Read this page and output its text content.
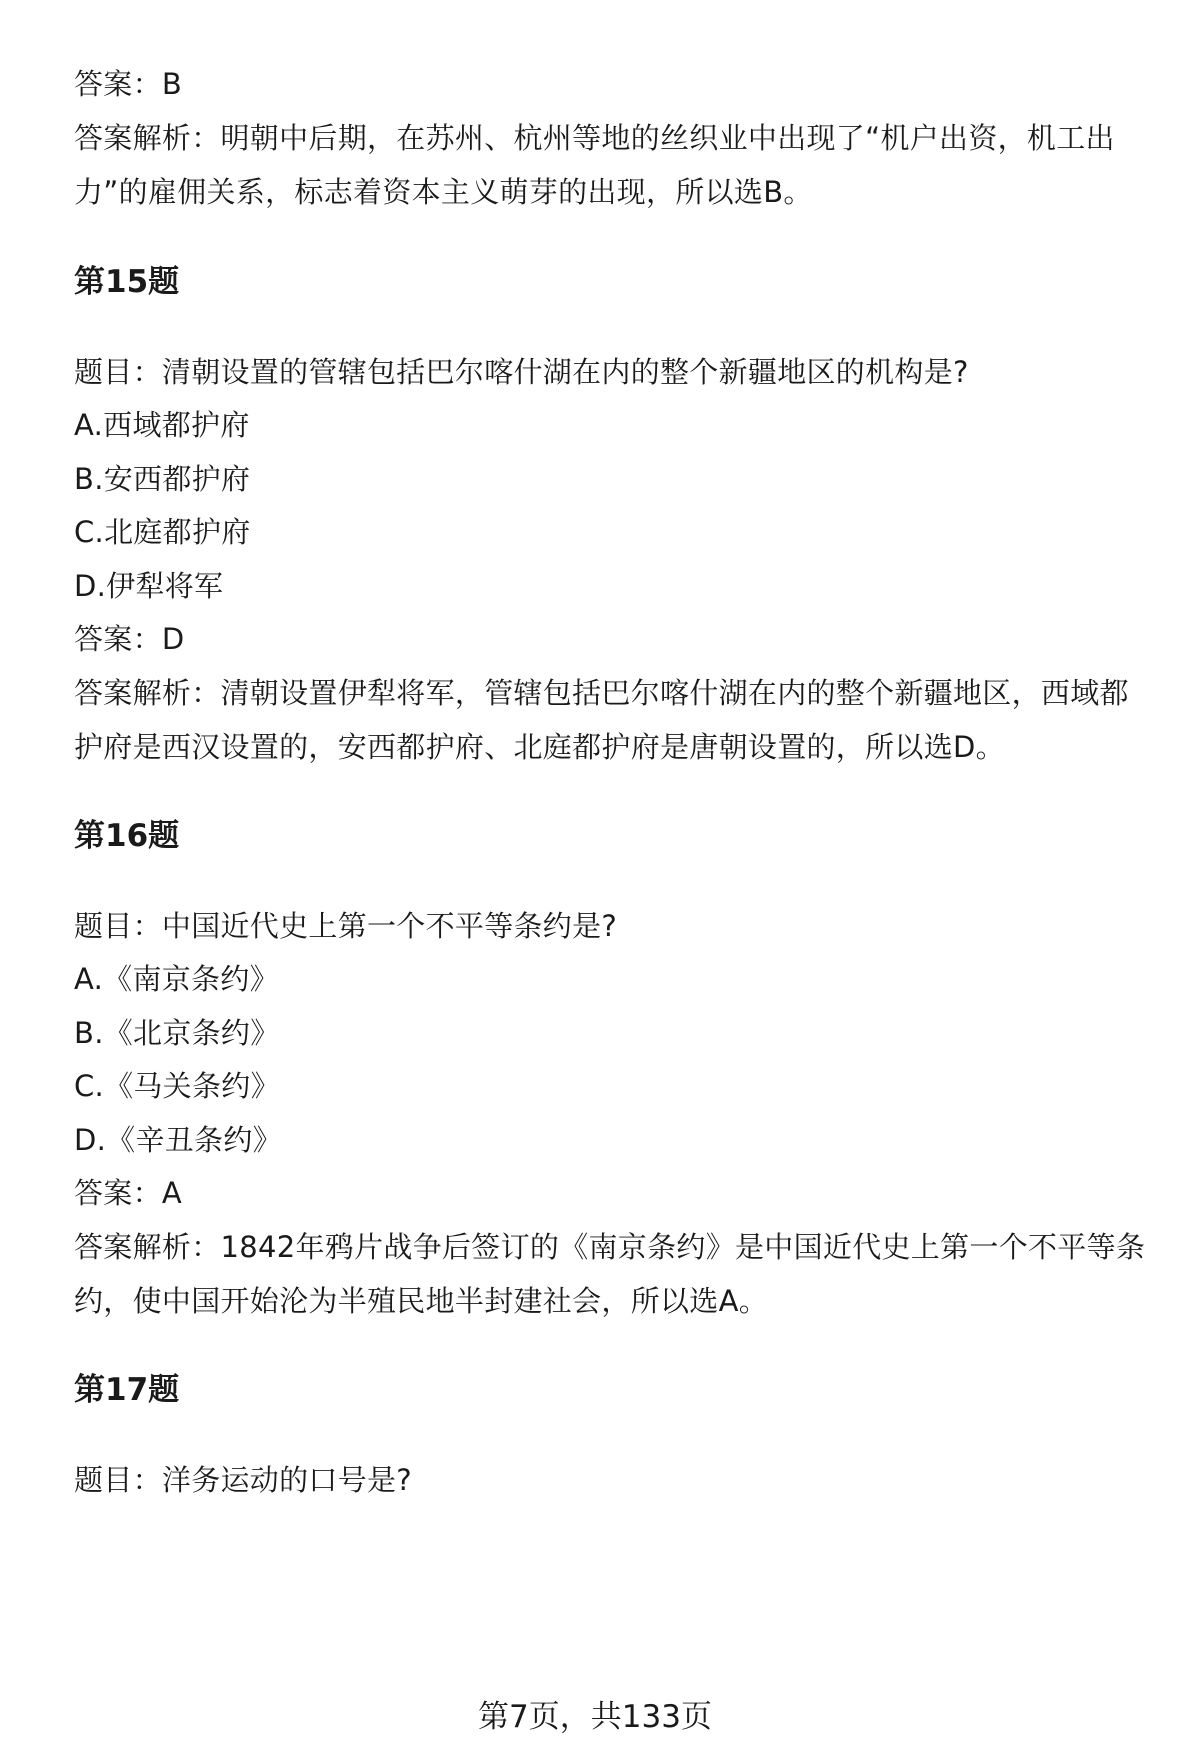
答案：B
答案解析：明朝中后期，在苏州、杭州等地的丝织业中出现了“机户出资，机工出
力”的雇佣关系，标志着资本主义萌芽的出现，所以选B。
第15题
题目：清朝设置的管辖包括巴尔喀什湖在内的整个新疆地区的机构是?
A.西域都护府
B.安西都护府
C.北庭都护府
D.伊犁将军
答案：D
答案解析：清朝设置伊犁将军，管辖包括巴尔喀什湖在内的整个新疆地区，西域都
护府是西汉设置的，安西都护府、北庭都护府是唐朝设置的，所以选D。
第16题
题目：中国近代史上第一个不平等条约是?
A.《南京条约》
B.《北京条约》
C.《马关条约》
D.《辛丑条约》
答案：A
答案解析：1842年鸦片战争后签订的《南京条约》是中国近代史上第一个不平等条
约，使中国开始沦为半殖民地半封建社会，所以选A。
第17题
题目：洋务运动的口号是?
第7页，共133页
